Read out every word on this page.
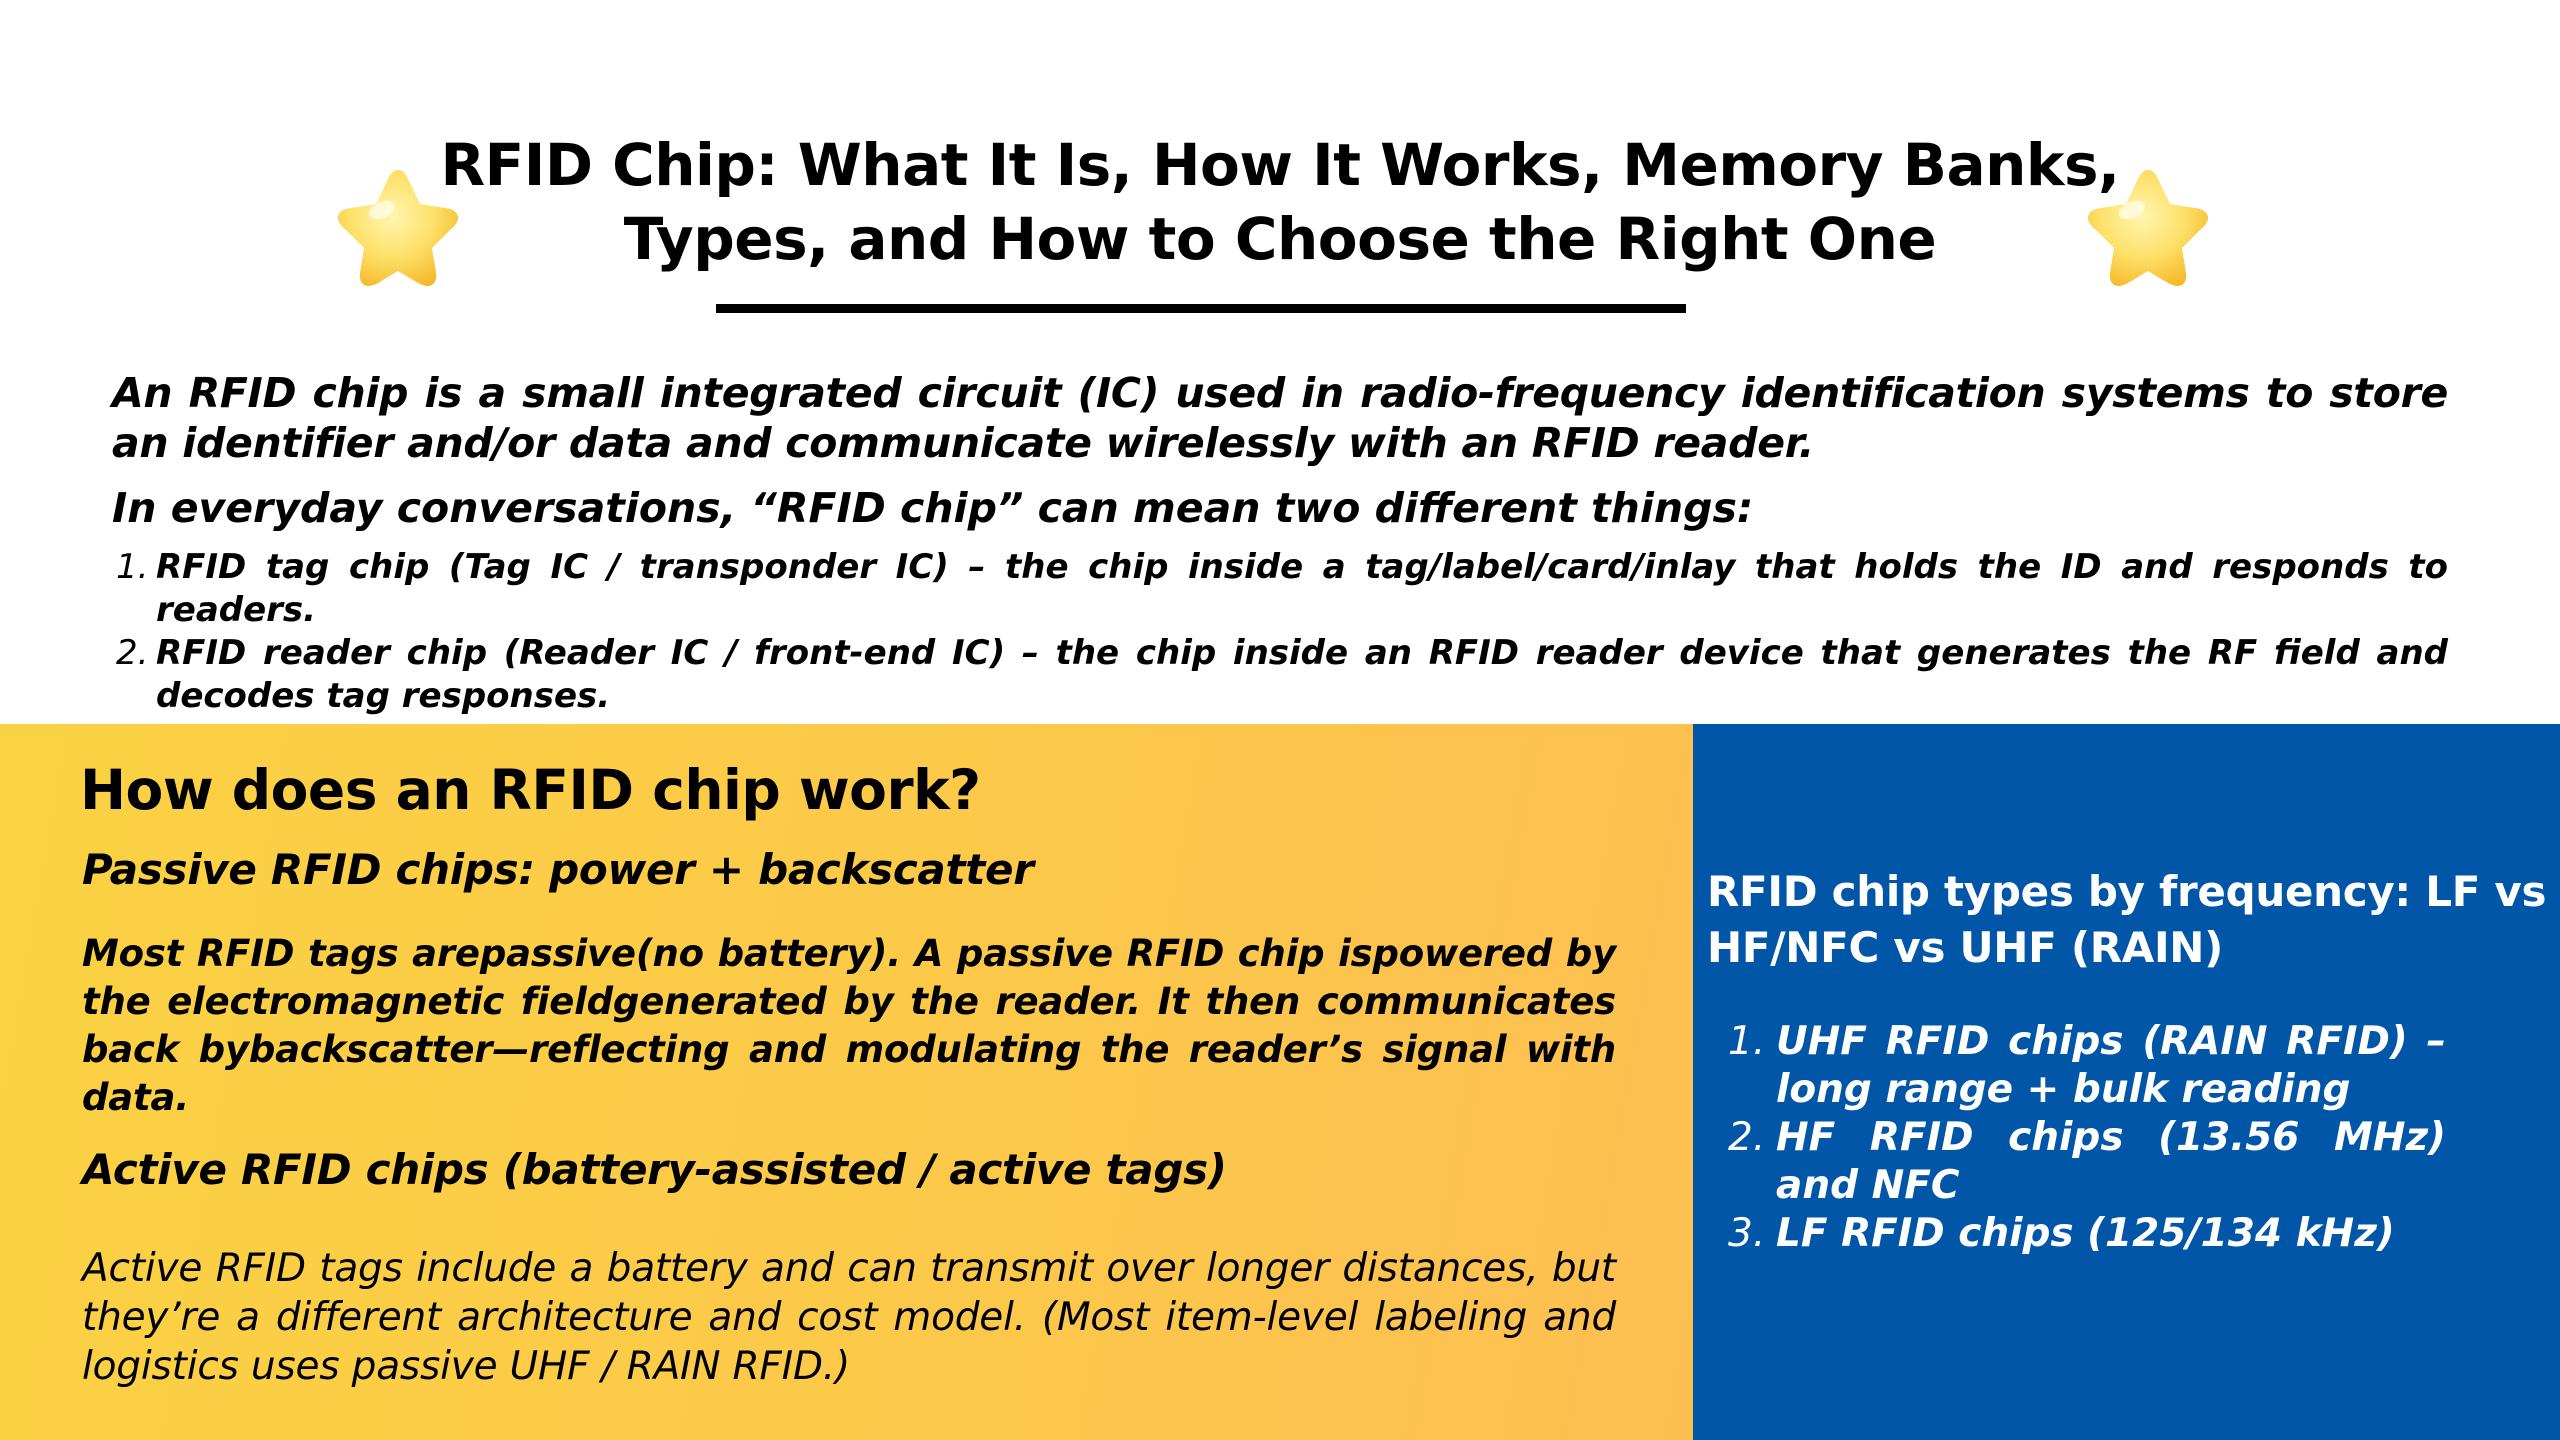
RFID Chip: What It Is, How It Works, Memory Banks, Types, and How to Choose the Right One

An RFID chip is a small integrated circuit (IC) used in radio-frequency identification systems to store an identifier and/or data and communicate wirelessly with an RFID reader.

In everyday conversations, “RFID chip” can mean two different things:

1. RFID tag chip (Tag IC / transponder IC) – the chip inside a tag/label/card/inlay that holds the ID and responds to readers.
2. RFID reader chip (Reader IC / front-end IC) – the chip inside an RFID reader device that generates the RF field and decodes tag responses.
How does an RFID chip work?
Passive RFID chips: power + backscatter

Most RFID tags arepassive(no battery). A passive RFID chip ispowered by the electromagnetic fieldgenerated by the reader. It then communicates back bybackscatter—reflecting and modulating the reader’s signal with data.

Active RFID chips (battery-assisted / active tags)

Active RFID tags include a battery and can transmit over longer distances, but they’re a different architecture and cost model. (Most item-level labeling and logistics uses passive UHF / RAIN RFID.)

RFID chip types by frequency: LF vs HF/NFC vs UHF (RAIN)
1. UHF RFID chips (RAIN RFID) – long range + bulk reading
2. HF RFID chips (13.56 MHz) and NFC
3. LF RFID chips (125/134 kHz)
